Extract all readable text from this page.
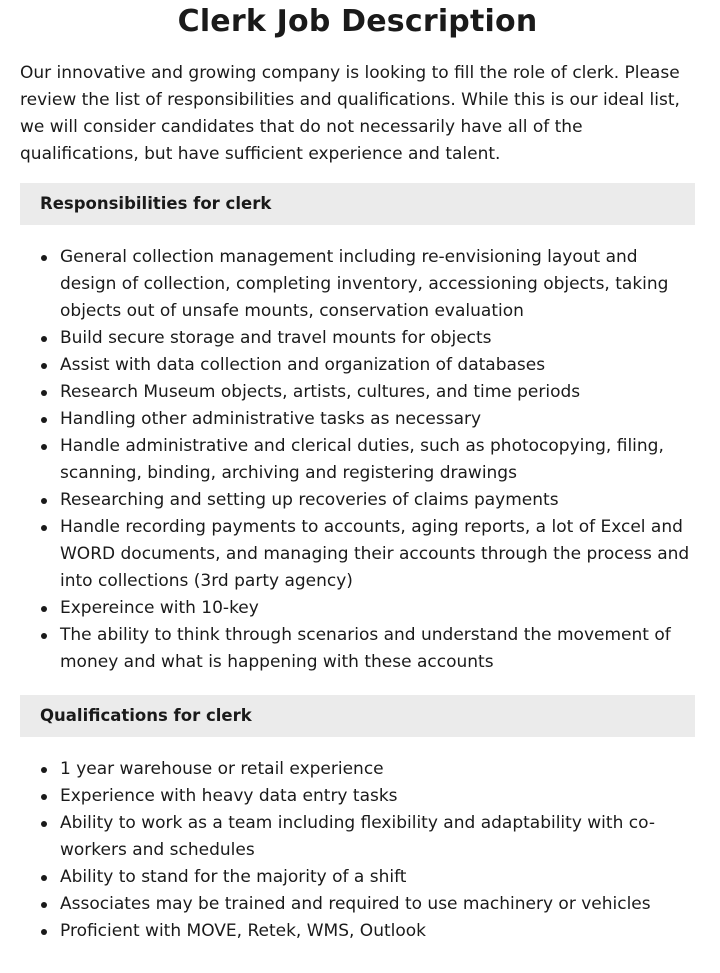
Clerk Job Description

Our innovative and growing company is looking to fill the role of clerk. Please review the list of responsibilities and qualifications. While this is our ideal list, we will consider candidates that do not necessarily have all of the qualifications, but have sufficient experience and talent.

Responsibilities for clerk
General collection management including re-envisioning layout and design of collection, completing inventory, accessioning objects, taking objects out of unsafe mounts, conservation evaluation
Build secure storage and travel mounts for objects
Assist with data collection and organization of databases
Research Museum objects, artists, cultures, and time periods
Handling other administrative tasks as necessary
Handle administrative and clerical duties, such as photocopying, filing, scanning, binding, archiving and registering drawings
Researching and setting up recoveries of claims payments
Handle recording payments to accounts, aging reports, a lot of Excel and WORD documents, and managing their accounts through the process and into collections (3rd party agency)
Expereince with 10-key
The ability to think through scenarios and understand the movement of money and what is happening with these accounts
Qualifications for clerk
1 year warehouse or retail experience
Experience with heavy data entry tasks
Ability to work as a team including flexibility and adaptability with co-workers and schedules
Ability to stand for the majority of a shift
Associates may be trained and required to use machinery or vehicles
Proficient with MOVE, Retek, WMS, Outlook
